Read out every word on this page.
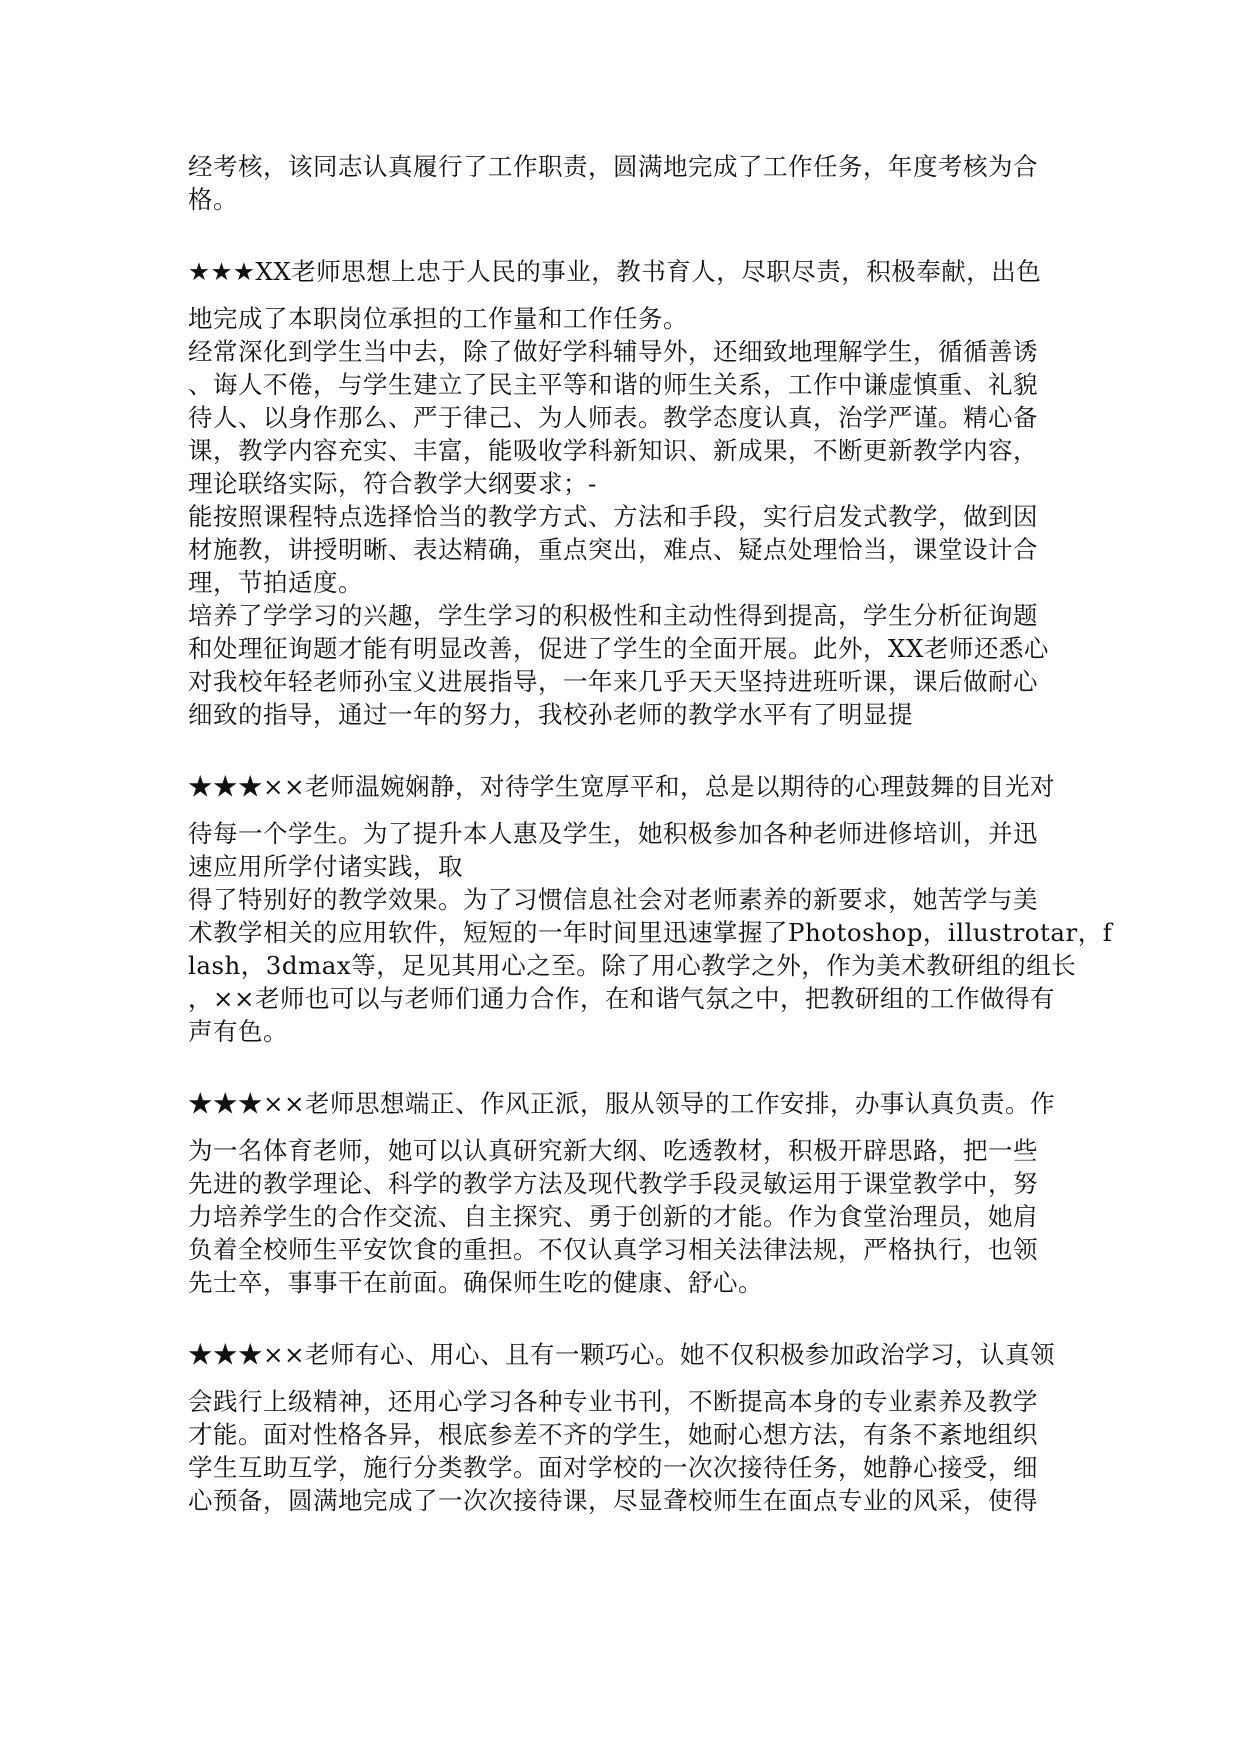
经考核，该同志认真履行了工作职责，圆满地完成了工作任务，年度考核为合
格。
★★★XX老师思想上忠于人民的事业，教书育人，尽职尽责，积极奉献，出色
地完成了本职岗位承担的工作量和工作任务。
经常深化到学生当中去，除了做好学科辅导外，还细致地理解学生，循循善诱
、诲人不倦，与学生建立了民主平等和谐的师生关系，工作中谦虚慎重、礼貌
待人、以身作那么、严于律己、为人师表。教学态度认真，治学严谨。精心备
课，教学内容充实、丰富，能吸收学科新知识、新成果，不断更新教学内容，
理论联络实际，符合教学大纲要求；-
能按照课程特点选择恰当的教学方式、方法和手段，实行启发式教学，做到因
材施教，讲授明晰、表达精确，重点突出，难点、疑点处理恰当，课堂设计合
理，节拍适度。
培养了学学习的兴趣，学生学习的积极性和主动性得到提高，学生分析征询题
和处理征询题才能有明显改善，促进了学生的全面开展。此外，XX老师还悉心
对我校年轻老师孙宝义进展指导，一年来几乎天天坚持进班听课，课后做耐心
细致的指导，通过一年的努力，我校孙老师的教学水平有了明显提
★★★××老师温婉娴静，对待学生宽厚平和，总是以期待的心理鼓舞的目光对
待每一个学生。为了提升本人惠及学生，她积极参加各种老师进修培训，并迅
速应用所学付诸实践，取
得了特别好的教学效果。为了习惯信息社会对老师素养的新要求，她苦学与美
术教学相关的应用软件，短短的一年时间里迅速掌握了Photoshop，illustrotar，f
lash，3dmax等，足见其用心之至。除了用心教学之外，作为美术教研组的组长
，××老师也可以与老师们通力合作，在和谐气氛之中，把教研组的工作做得有
声有色。
★★★××老师思想端正、作风正派，服从领导的工作安排，办事认真负责。作
为一名体育老师，她可以认真研究新大纲、吃透教材，积极开辟思路，把一些
先进的教学理论、科学的教学方法及现代教学手段灵敏运用于课堂教学中，努
力培养学生的合作交流、自主探究、勇于创新的才能。作为食堂治理员，她肩
负着全校师生平安饮食的重担。不仅认真学习相关法律法规，严格执行，也领
先士卒，事事干在前面。确保师生吃的健康、舒心。
★★★××老师有心、用心、且有一颗巧心。她不仅积极参加政治学习，认真领
会践行上级精神，还用心学习各种专业书刊，不断提高本身的专业素养及教学
才能。面对性格各异，根底参差不齐的学生，她耐心想方法，有条不紊地组织
学生互助互学，施行分类教学。面对学校的一次次接待任务，她静心接受，细
心预备，圆满地完成了一次次接待课，尽显聋校师生在面点专业的风采，使得
